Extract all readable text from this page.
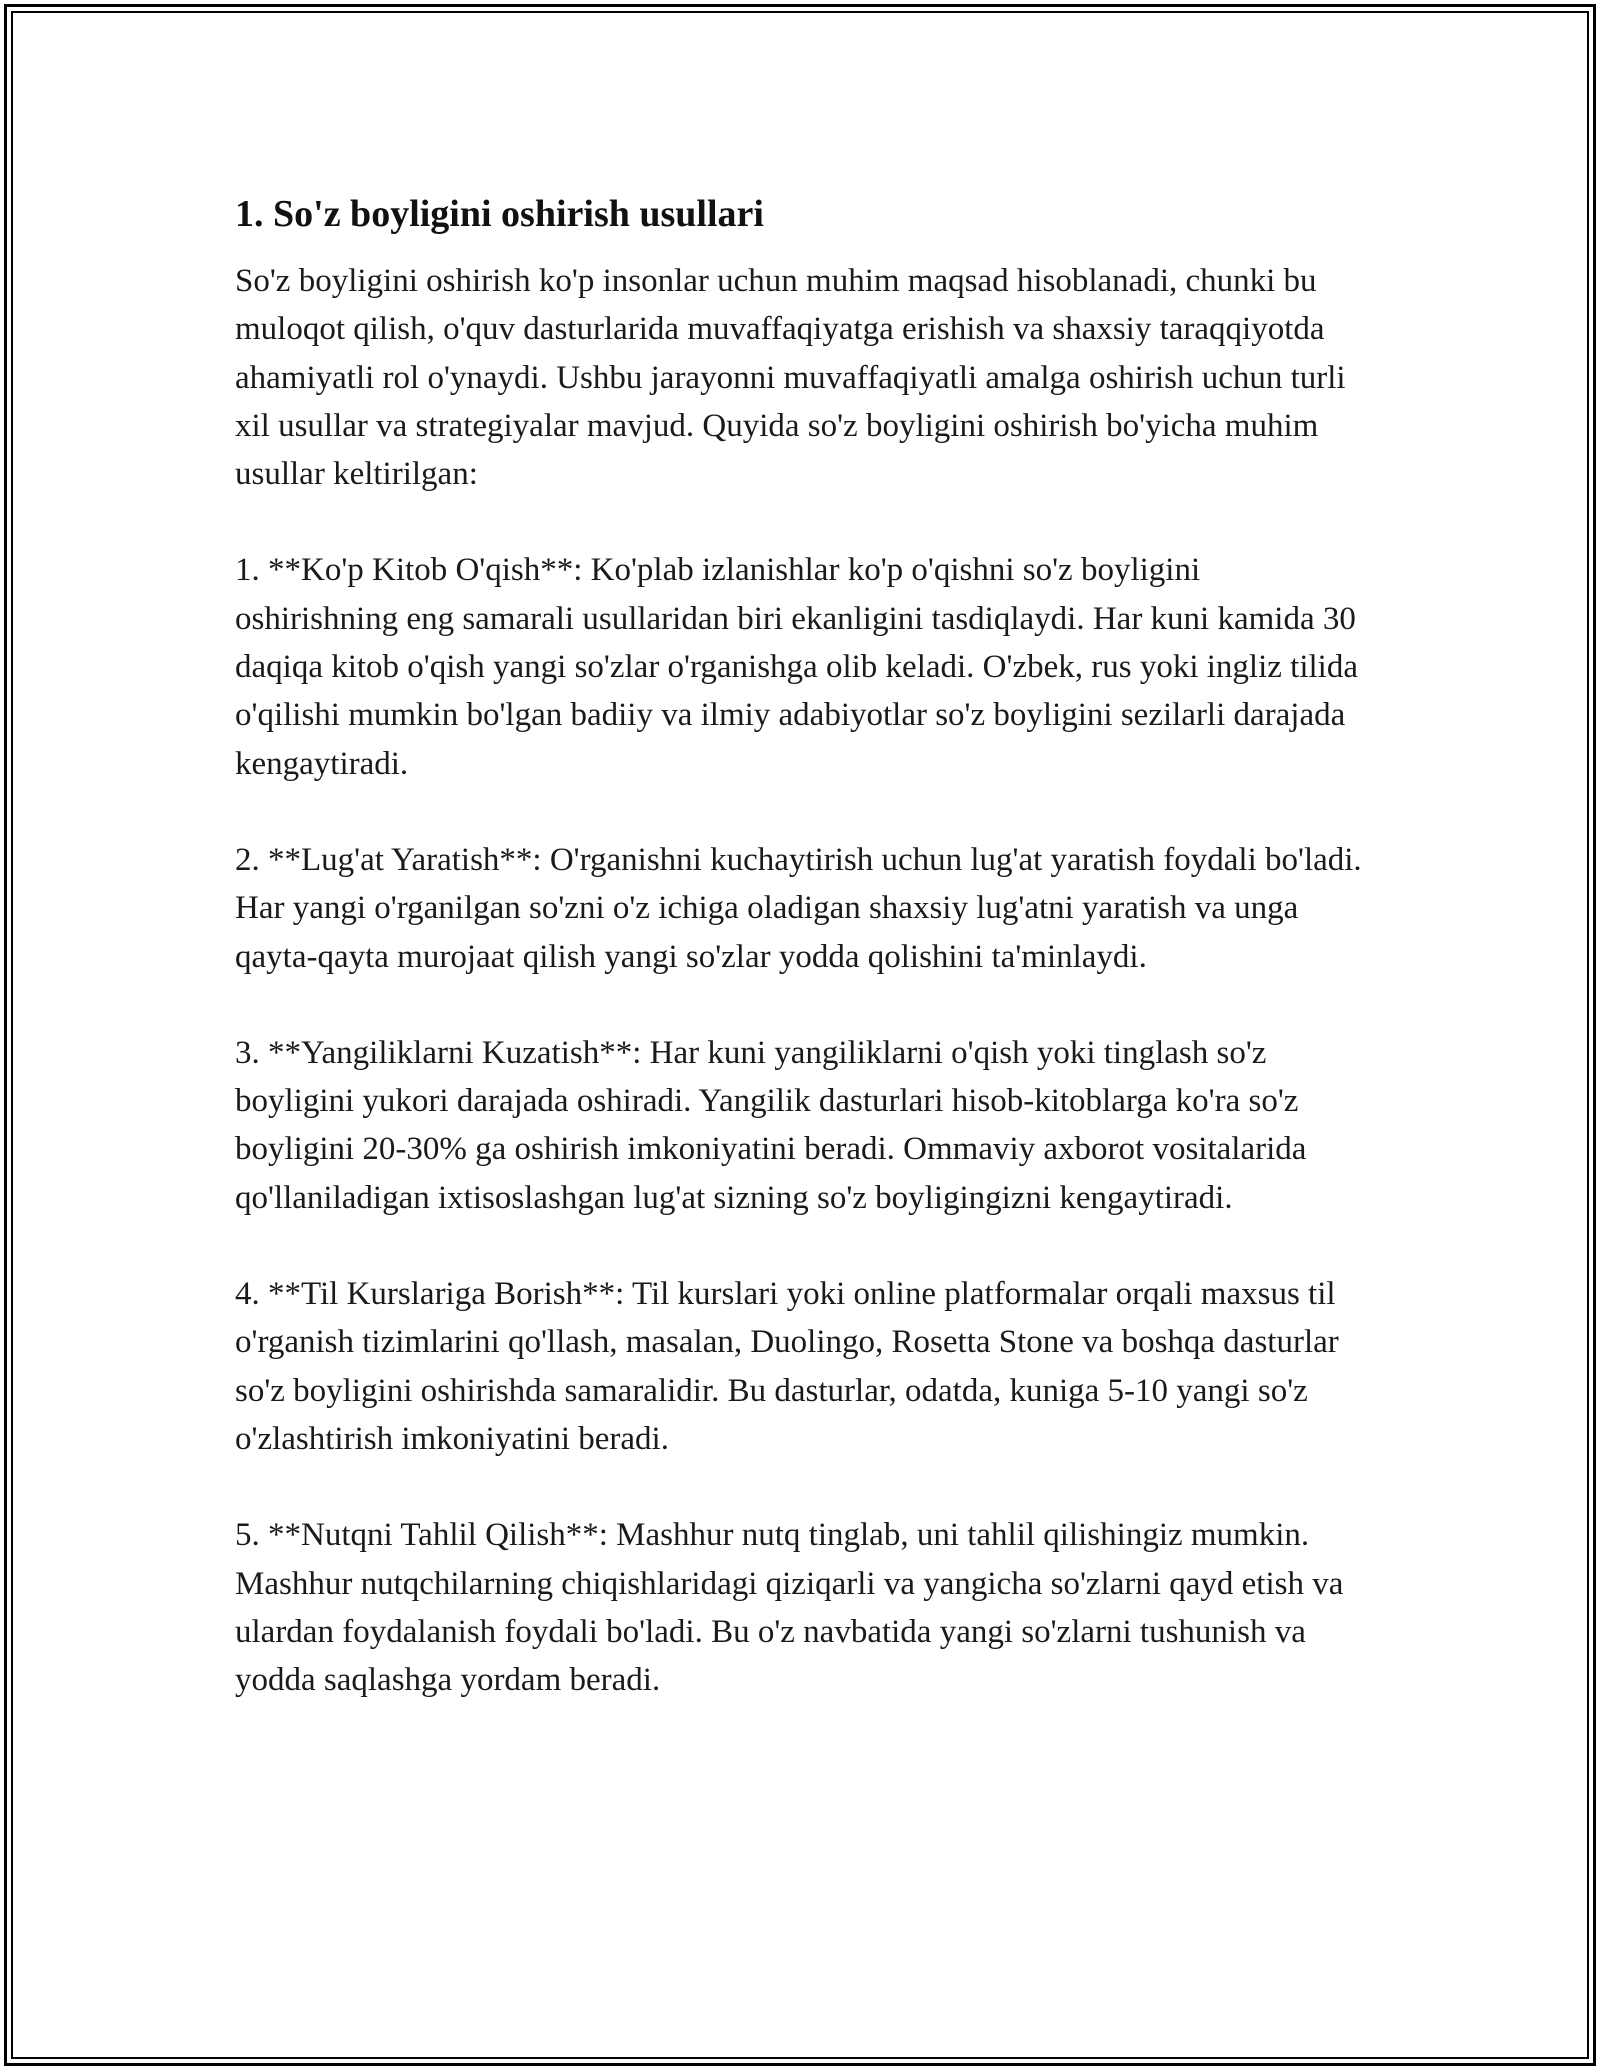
1. So'z boyligini oshirish usullari

So'z boyligini oshirish ko'p insonlar uchun muhim maqsad hisoblanadi, chunki bu muloqot qilish, o'quv dasturlarida muvaffaqiyatga erishish va shaxsiy taraqqiyotda ahamiyatli rol o'ynaydi. Ushbu jarayonni muvaffaqiyatli amalga oshirish uchun turli xil usullar va strategiyalar mavjud. Quyida so'z boyligini oshirish bo'yicha muhim usullar keltirilgan:

1. **Ko'p Kitob O'qish**: Ko'plab izlanishlar ko'p o'qishni so'z boyligini oshirishning eng samarali usullaridan biri ekanligini tasdiqlaydi. Har kuni kamida 30 daqiqa kitob o'qish yangi so'zlar o'rganishga olib keladi. O'zbek, rus yoki ingliz tilida o'qilishi mumkin bo'lgan badiiy va ilmiy adabiyotlar so'z boyligini sezilarli darajada kengaytiradi.

2. **Lug'at Yaratish**: O'rganishni kuchaytirish uchun lug'at yaratish foydali bo'ladi. Har yangi o'rganilgan so'zni o'z ichiga oladigan shaxsiy lug'atni yaratish va unga qayta-qayta murojaat qilish yangi so'zlar yodda qolishini ta'minlaydi.

3. **Yangiliklarni Kuzatish**: Har kuni yangiliklarni o'qish yoki tinglash so'z boyligini yukori darajada oshiradi. Yangilik dasturlari hisob-kitoblarga ko'ra so'z boyligini 20-30% ga oshirish imkoniyatini beradi. Ommaviy axborot vositalarida qo'llaniladigan ixtisoslashgan lug'at sizning so'z boyligingizni kengaytiradi.

4. **Til Kurslariga Borish**: Til kurslari yoki online platformalar orqali maxsus til o'rganish tizimlarini qo'llash, masalan, Duolingo, Rosetta Stone va boshqa dasturlar so'z boyligini oshirishda samaralidir. Bu dasturlar, odatda, kuniga 5-10 yangi so'z o'zlashtirish imkoniyatini beradi.

5. **Nutqni Tahlil Qilish**: Mashhur nutq tinglab, uni tahlil qilishingiz mumkin. Mashhur nutqchilarning chiqishlaridagi qiziqarli va yangicha so'zlarni qayd etish va ulardan foydalanish foydali bo'ladi. Bu o'z navbatida yangi so'zlarni tushunish va yodda saqlashga yordam beradi.
